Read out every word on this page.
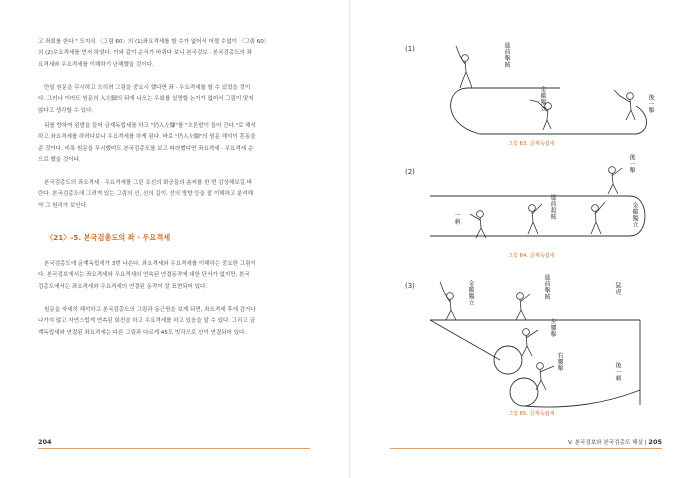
고 좌회를 한다." 도지의 〈그림 60〉의 (1)좌요격세를 할 수가 없어서 어쩔 수없이 〈그림 60〉
의 (2)우요격세를 먼저 하였다. 이와 같이 순서가 바뀌다 보니 본국검보 · 본국검총도의 좌
요격세와 우요격세를 이해하기 난해했을 것이다.
만일 원문을 무시하고 오히려 그림을 중요시 했다면 좌 · 우요격세를 할 수 있었을 것이
다. 그러나 이마도 원문의 入左腳의 뒤에 나오는 우회를 설명할 논거가 없어서 그림이 맞지
않다고 생각할 수 있다.
뒤를 향하여 왼발을 들어 금계독립세를 하고 "仍入左腳"를 "오른발이 들어 간다."로 해석
하고 좌요격세를 하려다보니 우요격세를 하게 된다. 바로 "仍入左腳"의 원문 해석이 혼동을
준 것이다. 비록 원문을 무시했어도 본국검총도를 보고 따라했다면 좌요격세 · 우요격세 순
으로 했을 것이다.
본국검총도의 좌요격세 · 우요격세를 그린 조선의 화공들의 솜씨를 한 번 감상해보길 바
란다. 본국검총도에 그려져 있는 그림의 선, 선의 길이, 선의 방향 등을 잘 이해하고 분석해
야 그 원리가 보인다.
〈21〉-5. 본국검총도의 좌 · 우요격세
본국검총도에 금계독립세가 3번 나온다. 좌요격세와 우요격세를 이해하는 중요한 그림이
다. 본국검보에서는 좌요격세와 우요격세의 연속된 연결동작에 대한 단서가 없지만, 본국
검총도에서는 좌요격세와 우요격세의 연결된 동작이 잘 표현되어 있다.
원문을 자세히 해석하고 본국검총도의 그림과 동근원을 보게 되면, 좌요격세 후에 검거나
나가지 않고 자연스럽게 연속된 회전을 하고 우요격세를 하고 있음을 알 수 있다. 그리고 금
계독립세와 연결된 좌요격세는 다른 그림과 다르게 45도 빗각으로 선이 연결되어 있다.
204
(1)	進前擊賊
金雞獨立	後一擊
그림 63. 금계독립세
(2)	後一擊
進前殺賊
一刺	金雞獨立
그림 64. 금계독립세
(3)	金雞獨立	進前擊賊
左腰擊
右腰擊
猛虎
後一刺
그림 65. 금계독립세
V. 본국검보와 본국검총도 해설 | 205
